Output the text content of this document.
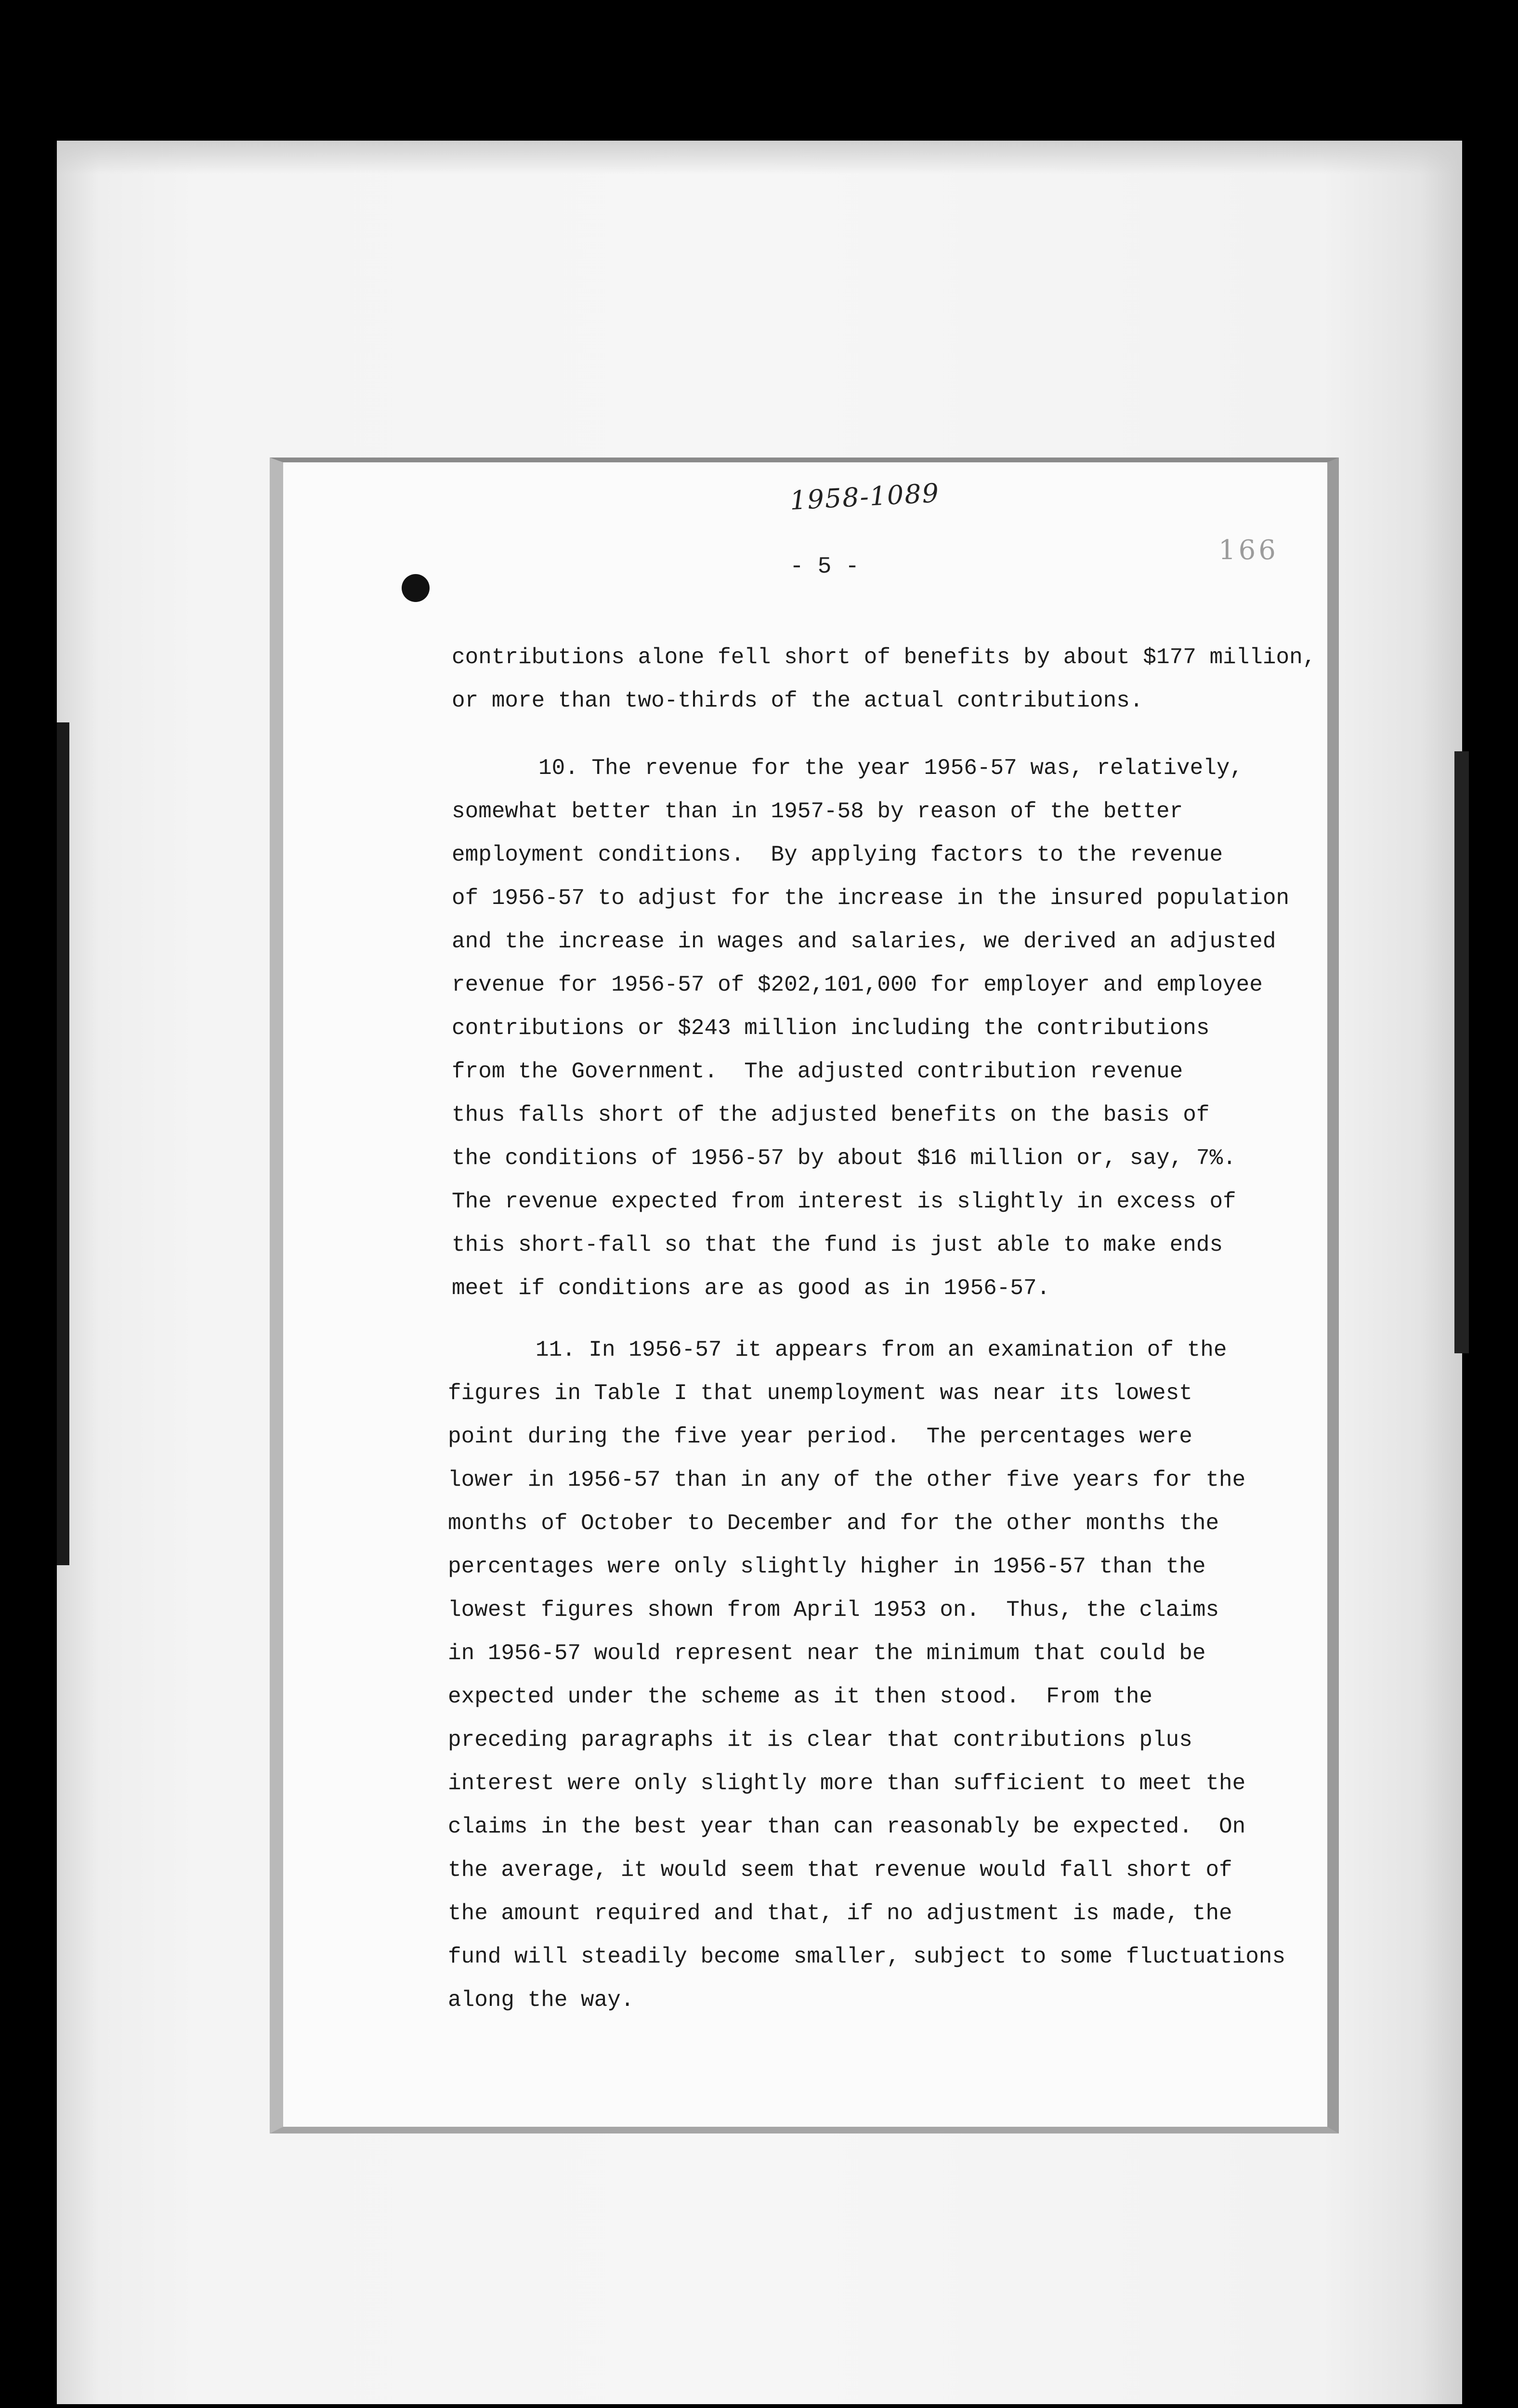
1958-1089
166
- 5 -
contributions alone fell short of benefits by about $177 million,
or more than two-thirds of the actual contributions.
10. The revenue for the year 1956-57 was, relatively,
somewhat better than in 1957-58 by reason of the better
employment conditions.  By applying factors to the revenue
of 1956-57 to adjust for the increase in the insured population
and the increase in wages and salaries, we derived an adjusted
revenue for 1956-57 of $202,101,000 for employer and employee
contributions or $243 million including the contributions
from the Government.  The adjusted contribution revenue
thus falls short of the adjusted benefits on the basis of
the conditions of 1956-57 by about $16 million or, say, 7%.
The revenue expected from interest is slightly in excess of
this short-fall so that the fund is just able to make ends
meet if conditions are as good as in 1956-57.
11. In 1956-57 it appears from an examination of the
figures in Table I that unemployment was near its lowest
point during the five year period.  The percentages were
lower in 1956-57 than in any of the other five years for the
months of October to December and for the other months the
percentages were only slightly higher in 1956-57 than the
lowest figures shown from April 1953 on.  Thus, the claims
in 1956-57 would represent near the minimum that could be
expected under the scheme as it then stood.  From the
preceding paragraphs it is clear that contributions plus
interest were only slightly more than sufficient to meet the
claims in the best year than can reasonably be expected.  On
the average, it would seem that revenue would fall short of
the amount required and that, if no adjustment is made, the
fund will steadily become smaller, subject to some fluctuations
along the way.
